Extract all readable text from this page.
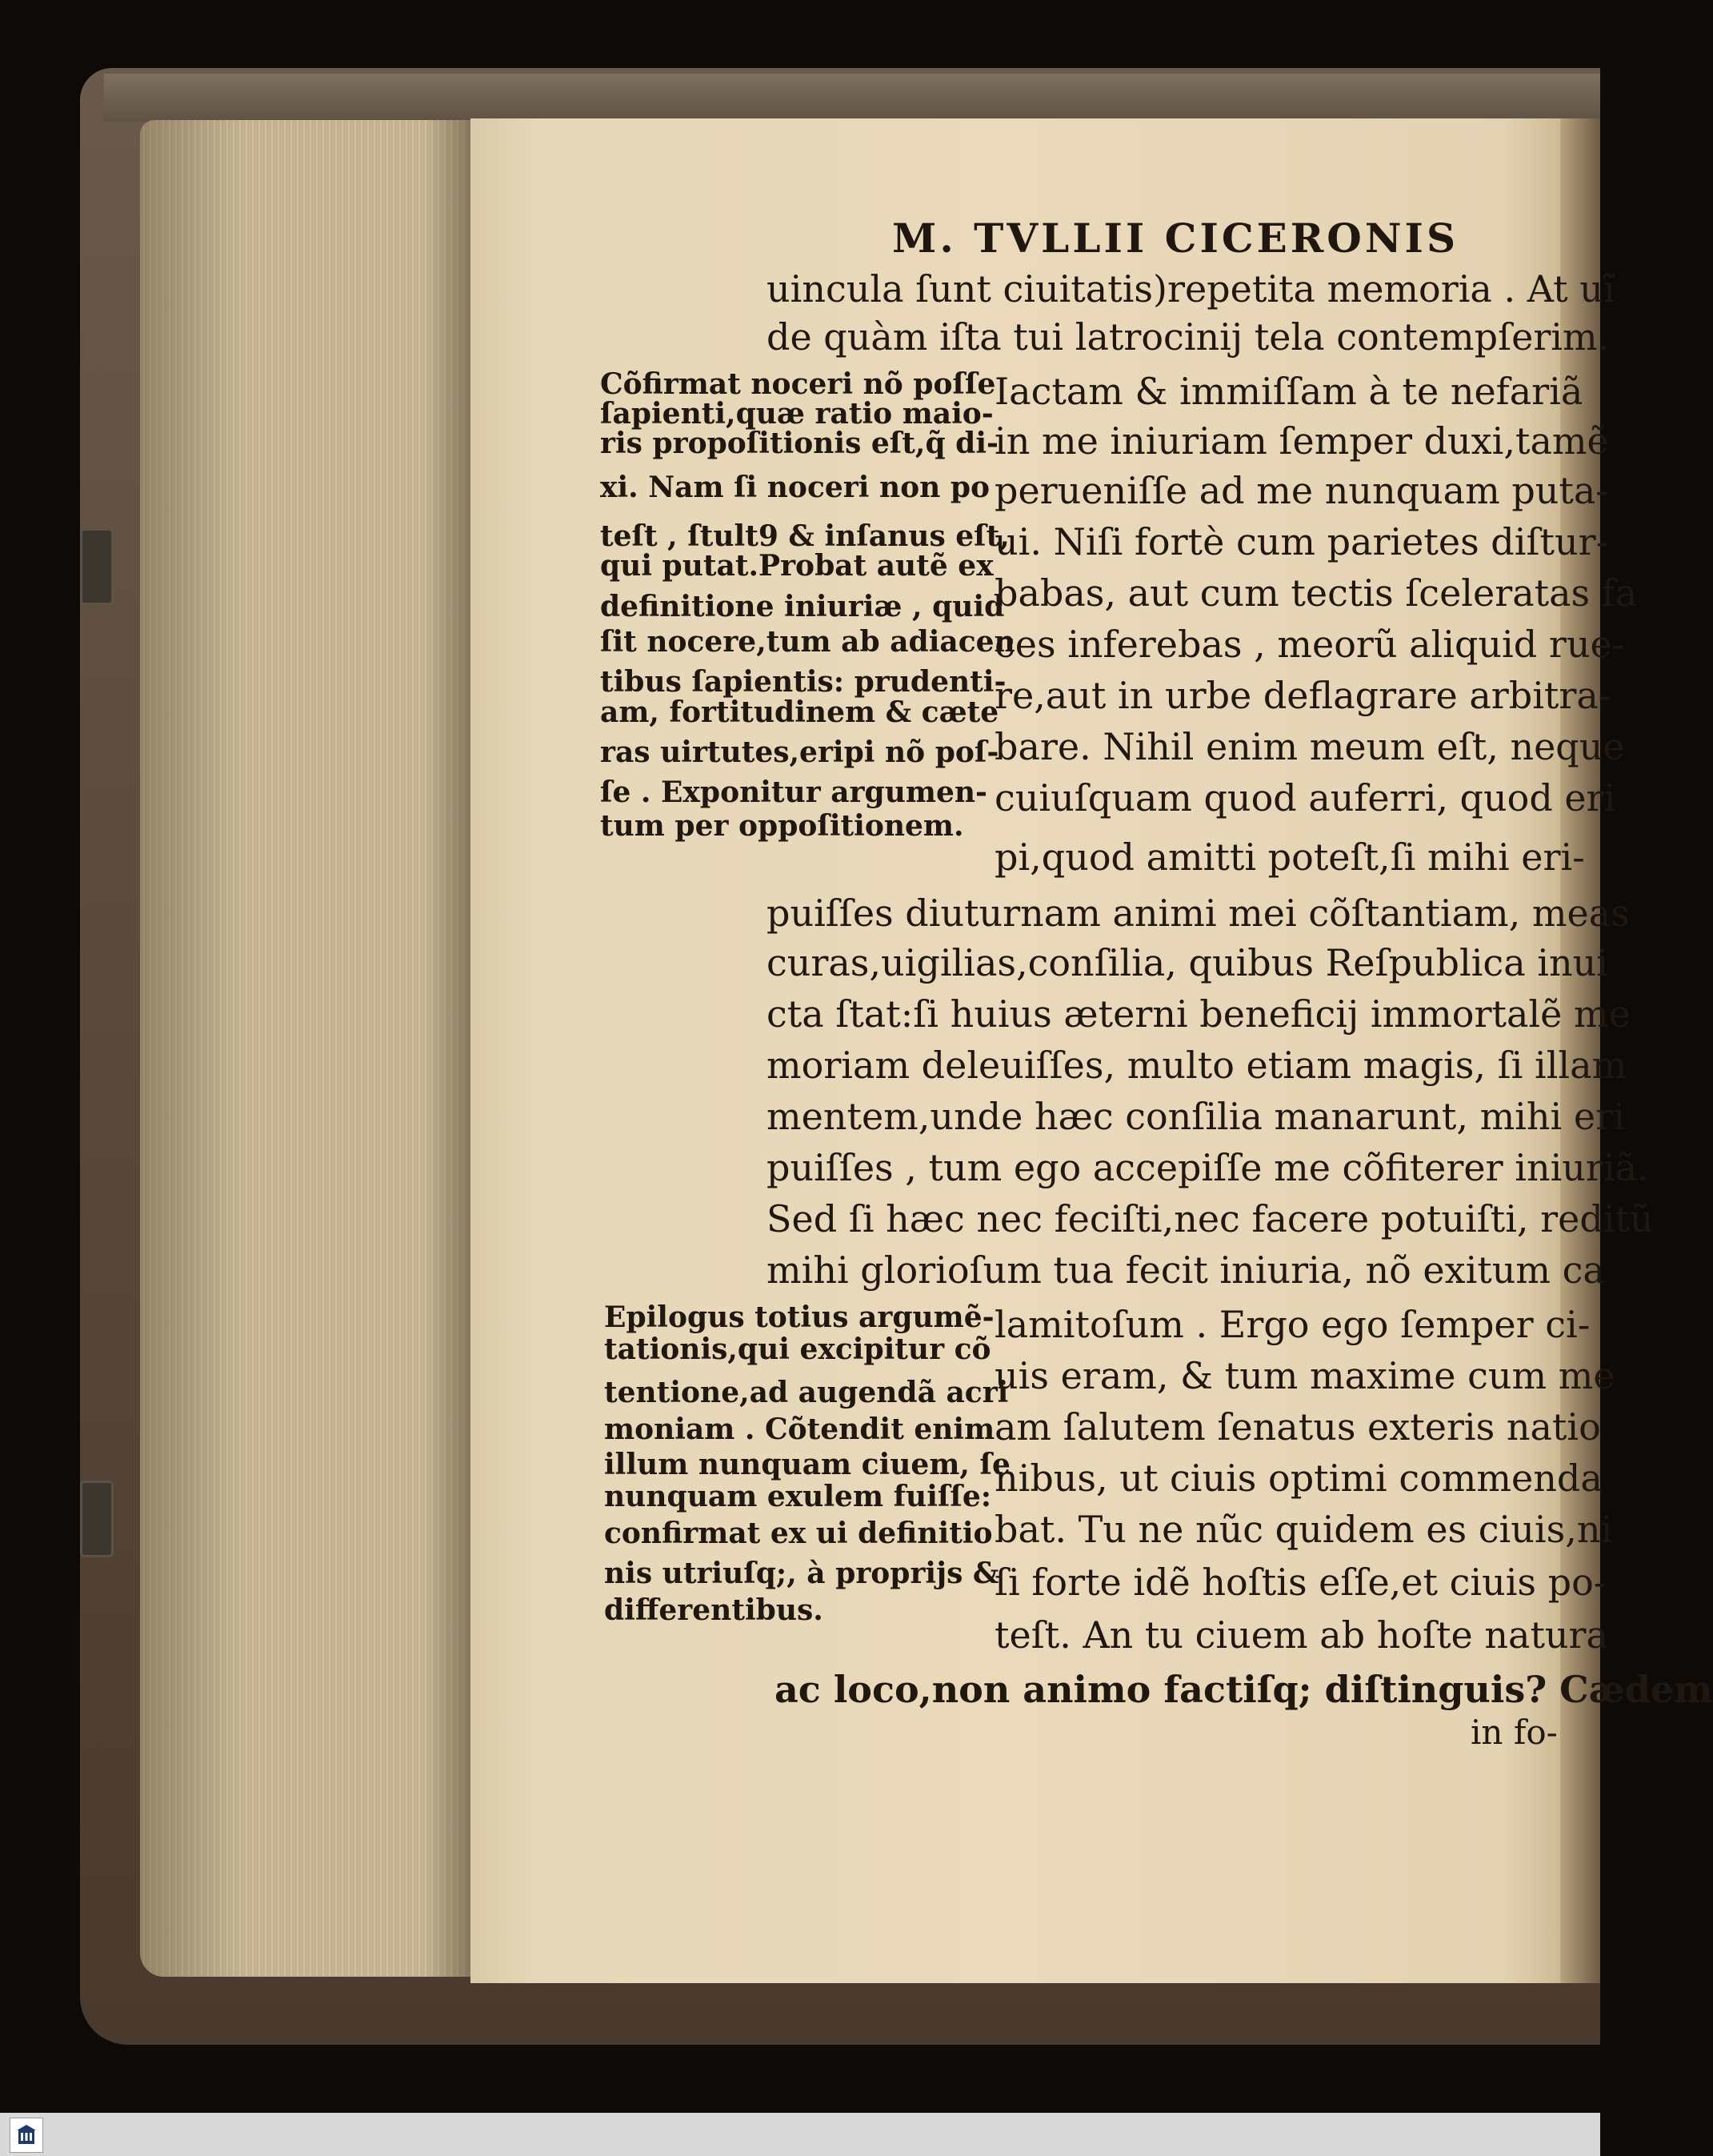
M. TVLLII CICERONIS
uincula ſunt ciuitatis)repetita memoria . At uĩ
de quàm iſta tui latrocinij tela contempſerim.
Iactam & immiſſam à te nefariã
in me iniuriam ſemper duxi,tamẽ
perueniſſe ad me nunquam puta-
ui. Niſi fortè cum parietes diſtur-
babas, aut cum tectis ſceleratas fa
ces inferebas , meorũ aliquid rue-
re,aut in urbe deflagrare arbitra-
bare. Nihil enim meum eſt, neque
cuiuſquam quod auferri, quod eri
pi,quod amitti poteſt,ſi mihi eri-
puiſſes diuturnam animi mei cõſtantiam, meas
curas,uigilias,conſilia, quibus Reſpublica inui
cta ſtat:ſi huius æterni beneficij immortalẽ me
moriam deleuiſſes, multo etiam magis, ſi illam
mentem,unde hæc conſilia manarunt, mihi eri
puiſſes , tum ego accepiſſe me cõfiterer iniuriã.
Sed ſi hæc nec feciſti,nec facere potuiſti, reditũ
mihi glorioſum tua fecit iniuria, nõ exitum ca
lamitoſum . Ergo ego ſemper ci-
uis eram, & tum maxime cum me
am ſalutem ſenatus exteris natio
nibus, ut ciuis optimi commenda
bat. Tu ne nũc quidem es ciuis,ni
ſi forte idẽ hoſtis eſſe,et ciuis po-
teſt. An tu ciuem ab hoſte natura
ac loco,non animo factiſq; diſtinguis? Cædem
in fo-
Cõfirmat noceri nõ poſſe
ſapienti,quæ ratio maio-
ris propoſitionis eſt,q̃ di-
xi. Nam ſi noceri non po
teſt , ſtult9 & inſanus eſt,
qui putat.Probat autẽ ex
definitione iniuriæ , quid
ſit nocere,tum ab adiacen
tibus ſapientis: prudenti-
am, fortitudinem & cæte
ras uirtutes,eripi nõ poſ-
ſe . Exponitur argumen-
tum per oppoſitionem.
Epilogus totius argumẽ-
tationis,qui excipitur cõ
tentione,ad augendã acri
moniam . Cõtendit enim
illum nunquam ciuem, ſe
nunquam exulem fuiſſe:
confirmat ex ui definitio
nis utriuſq;, à proprijs &
differentibus.
